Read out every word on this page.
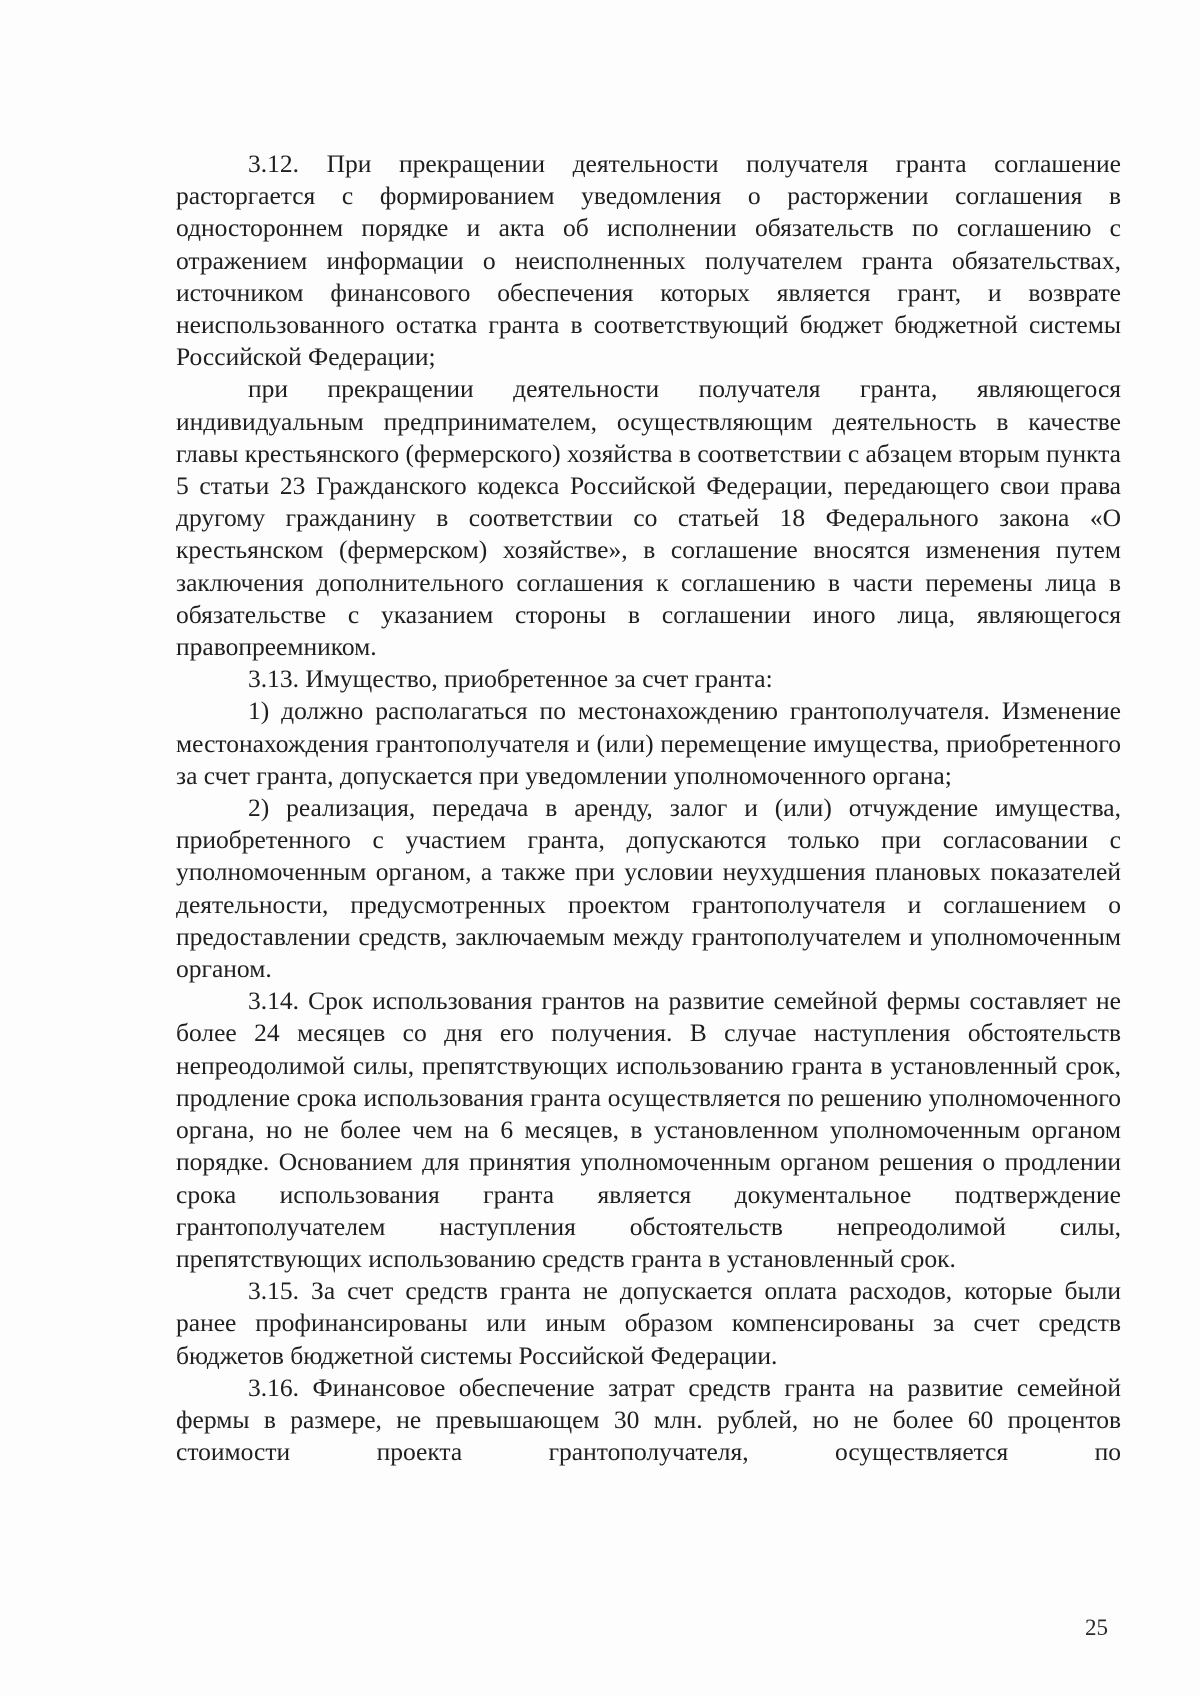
3.12. При прекращении деятельности получателя гранта соглашение расторгается с формированием уведомления о расторжении соглашения в одностороннем порядке и акта об исполнении обязательств по соглашению с отражением информации о неисполненных получателем гранта обязательствах, источником финансового обеспечения которых является грант, и возврате неиспользованного остатка гранта в соответствующий бюджет бюджетной системы Российской Федерации;

при прекращении деятельности получателя гранта, являющегося индивидуальным предпринимателем, осуществляющим деятельность в качестве главы крестьянского (фермерского) хозяйства в соответствии с абзацем вторым пункта 5 статьи 23 Гражданского кодекса Российской Федерации, передающего свои права другому гражданину в соответствии со статьей 18 Федерального закона «О крестьянском (фермерском) хозяйстве», в соглашение вносятся изменения путем заключения дополнительного соглашения к соглашению в части перемены лица в обязательстве с указанием стороны в соглашении иного лица, являющегося правопреемником.

3.13. Имущество, приобретенное за счет гранта:

1) должно располагаться по местонахождению грантополучателя. Изменение местонахождения грантополучателя и (или) перемещение имущества, приобретенного за счет гранта, допускается при уведомлении уполномоченного органа;

2) реализация, передача в аренду, залог и (или) отчуждение имущества, приобретенного с участием гранта, допускаются только при согласовании с уполномоченным органом, а также при условии неухудшения плановых показателей деятельности, предусмотренных проектом грантополучателя и соглашением о предоставлении средств, заключаемым между грантополучателем и уполномоченным органом.

3.14. Срок использования грантов на развитие семейной фермы составляет не более 24 месяцев со дня его получения. В случае наступления обстоятельств непреодолимой силы, препятствующих использованию гранта в установленный срок, продление срока использования гранта осуществляется по решению уполномоченного органа, но не более чем на 6 месяцев, в установленном уполномоченным органом порядке. Основанием для принятия уполномоченным органом решения о продлении срока использования гранта является документальное подтверждение грантополучателем наступления обстоятельств непреодолимой силы, препятствующих использованию средств гранта в установленный срок.

3.15. За счет средств гранта не допускается оплата расходов, которые были ранее профинансированы или иным образом компенсированы за счет средств бюджетов бюджетной системы Российской Федерации.

3.16. Финансовое обеспечение затрат средств гранта на развитие семейной фермы в размере, не превышающем 30 млн. рублей, но не более 60 процентов стоимости проекта грантополучателя, осуществляется по

25
